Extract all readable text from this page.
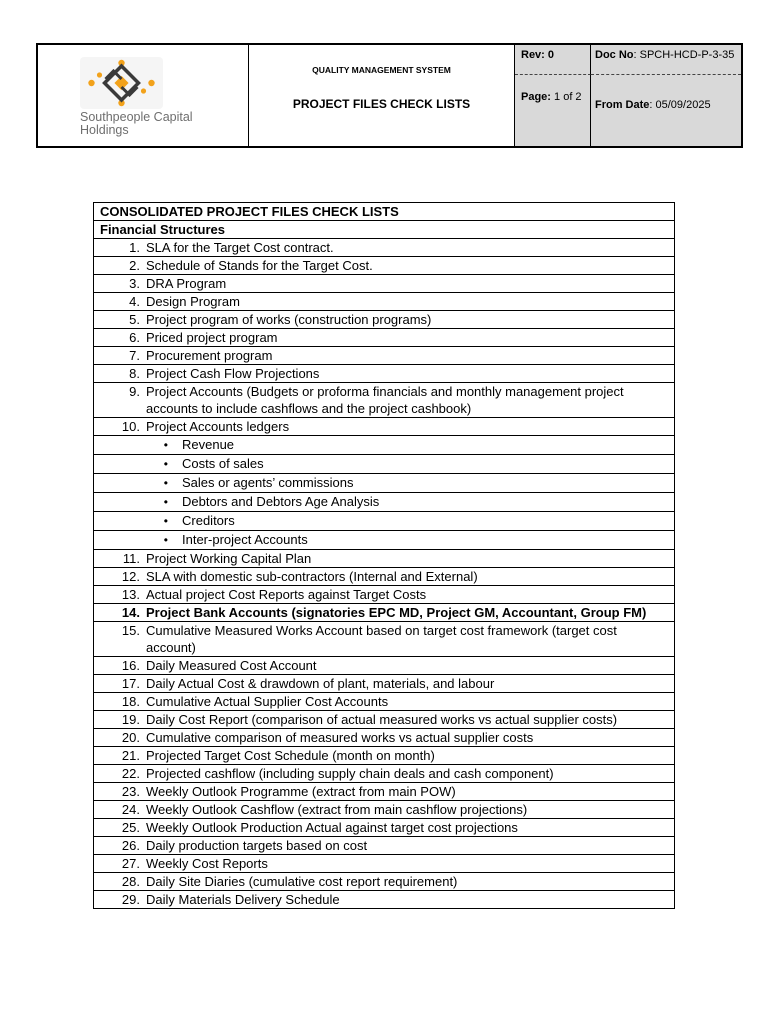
Southpeople Capital
Holdings
QUALITY MANAGEMENT SYSTEM
PROJECT FILES CHECK LISTS
Rev: 0	Doc No: SPCH-HCD-P-3-35
Page: 1 of 2
From Date: 05/09/2025
CONSOLIDATED PROJECT FILES CHECK LISTS
Financial Structures

1. SLA for the Target Cost contract.

2. Schedule of Stands for the Target Cost.

3. DRA Program

4. Design Program

5. Project program of works (construction programs)

6. Priced project program

7. Procurement program

8. Project Cash Flow Projections

9. Project Accounts (Budgets or proforma financials and monthly management project accounts to include cashflows and the project cashbook)

10. Project Accounts ledgers

•	Revenue

•	Costs of sales

•	Sales or agents’ commissions

•	Debtors and Debtors Age Analysis

•	Creditors

•	Inter-project Accounts

11. Project Working Capital Plan

12. SLA with domestic sub-contractors (Internal and External)

13. Actual project Cost Reports against Target Costs

14. Project Bank Accounts (signatories EPC MD, Project GM, Accountant, Group FM)

15. Cumulative Measured Works Account based on target cost framework (target cost account)

16. Daily Measured Cost Account

17. Daily Actual Cost & drawdown of plant, materials, and labour

18. Cumulative Actual Supplier Cost Accounts

19. Daily Cost Report (comparison of actual measured works vs actual supplier costs)

20. Cumulative comparison of measured works vs actual supplier costs

21. Projected Target Cost Schedule (month on month)

22. Projected cashflow (including supply chain deals and cash component)

23. Weekly Outlook Programme (extract from main POW)

24. Weekly Outlook Cashflow (extract from main cashflow projections)

25. Weekly Outlook Production Actual against target cost projections

26. Daily production targets based on cost

27. Weekly Cost Reports

28. Daily Site Diaries (cumulative cost report requirement)

29. Daily Materials Delivery Schedule
